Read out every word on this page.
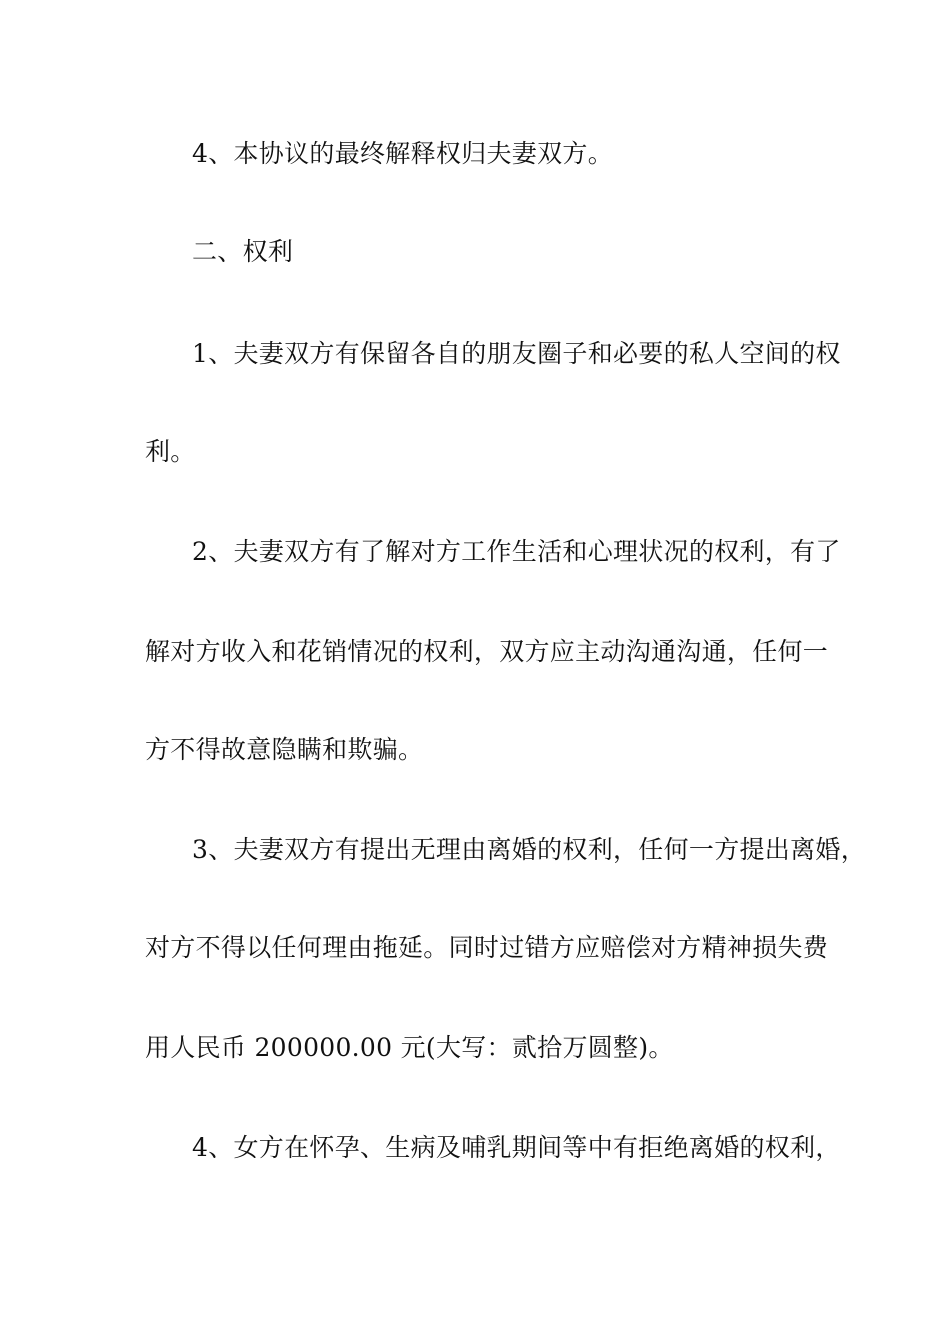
4、本协议的最终解释权归夫妻双方。

二、权利

1、夫妻双方有保留各自的朋友圈子和必要的私人空间的权

利。

2、夫妻双方有了解对方工作生活和心理状况的权利，有了

解对方收入和花销情况的权利，双方应主动沟通沟通，任何一

方不得故意隐瞒和欺骗。

3、夫妻双方有提出无理由离婚的权利，任何一方提出离婚，

对方不得以任何理由拖延。同时过错方应赔偿对方精神损失费

用人民币 200000.00 元(大写：贰拾万圆整)。

4、女方在怀孕、生病及哺乳期间等中有拒绝离婚的权利，
